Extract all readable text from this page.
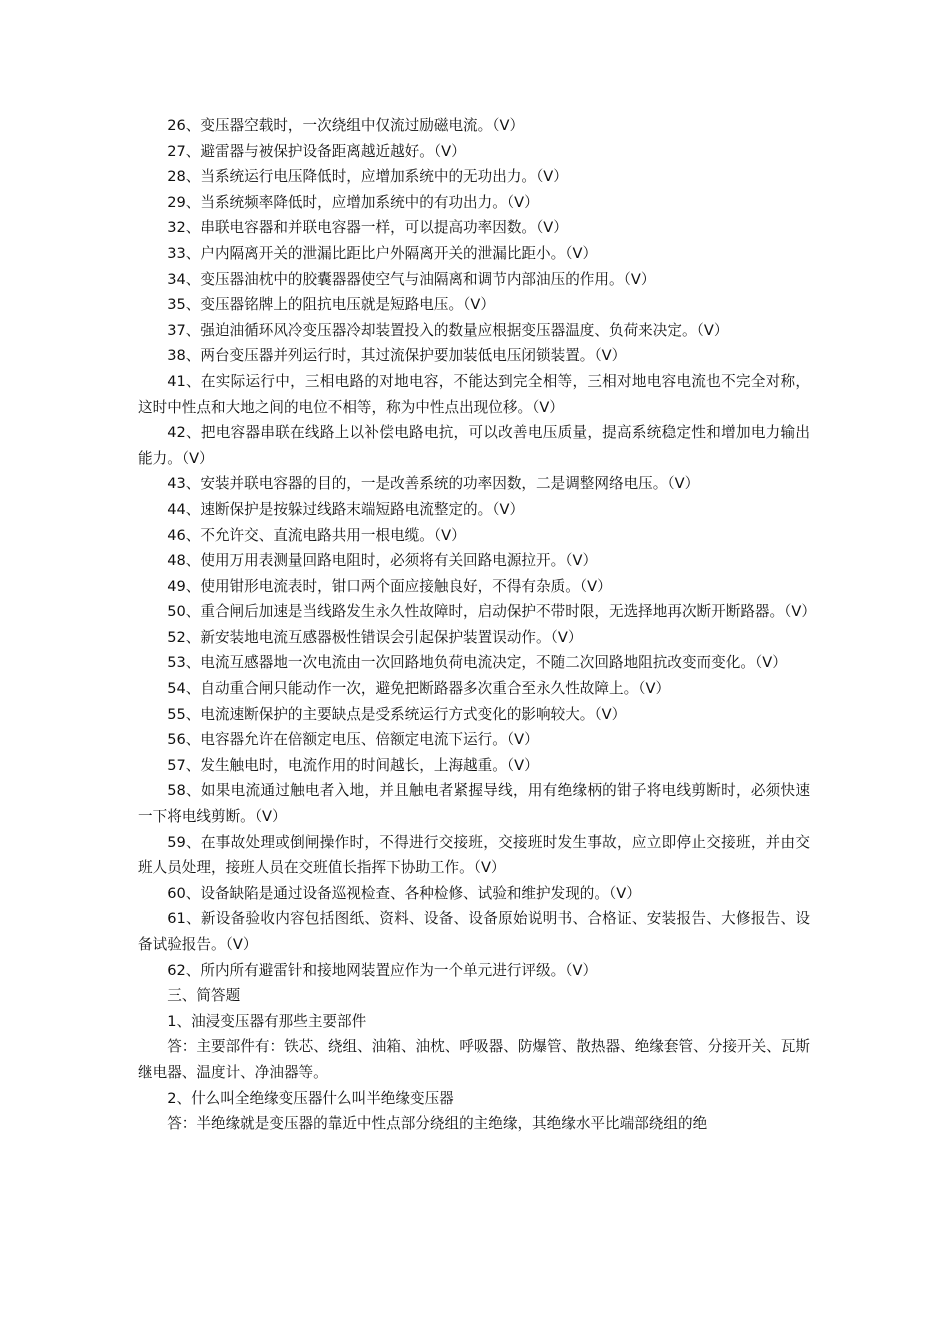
26、变压器空载时，一次绕组中仅流过励磁电流。（V）

27、避雷器与被保护设备距离越近越好。（V）

28、当系统运行电压降低时，应增加系统中的无功出力。（V）

29、当系统频率降低时，应增加系统中的有功出力。（V）

32、串联电容器和并联电容器一样，可以提高功率因数。（V）

33、户内隔离开关的泄漏比距比户外隔离开关的泄漏比距小。（V）

34、变压器油枕中的胶囊器器使空气与油隔离和调节内部油压的作用。（V）

35、变压器铭牌上的阻抗电压就是短路电压。（V）

37、强迫油循环风冷变压器冷却装置投入的数量应根据变压器温度、负荷来决定。（V）

38、两台变压器并列运行时，其过流保护要加装低电压闭锁装置。（V）

41、在实际运行中，三相电路的对地电容，不能达到完全相等，三相对地电容电流也不完全对称，这时中性点和大地之间的电位不相等，称为中性点出现位移。（V）

42、把电容器串联在线路上以补偿电路电抗，可以改善电压质量，提高系统稳定性和增加电力输出能力。（V）

43、安装并联电容器的目的，一是改善系统的功率因数，二是调整网络电压。（V）

44、速断保护是按躲过线路末端短路电流整定的。（V）

46、不允许交、直流电路共用一根电缆。（V）

48、使用万用表测量回路电阻时，必须将有关回路电源拉开。（V）

49、使用钳形电流表时，钳口两个面应接触良好，不得有杂质。（V）

50、重合闸后加速是当线路发生永久性故障时，启动保护不带时限，无选择地再次断开断路器。（V）

52、新安装地电流互感器极性错误会引起保护装置误动作。（V）

53、电流互感器地一次电流由一次回路地负荷电流决定，不随二次回路地阻抗改变而变化。（V）

54、自动重合闸只能动作一次，避免把断路器多次重合至永久性故障上。（V）

55、电流速断保护的主要缺点是受系统运行方式变化的影响较大。（V）

56、电容器允许在倍额定电压、倍额定电流下运行。（V）

57、发生触电时，电流作用的时间越长，上海越重。（V）

58、如果电流通过触电者入地，并且触电者紧握导线，用有绝缘柄的钳子将电线剪断时，必须快速一下将电线剪断。（V）

59、在事故处理或倒闸操作时，不得进行交接班，交接班时发生事故，应立即停止交接班，并由交班人员处理，接班人员在交班值长指挥下协助工作。（V）

60、设备缺陷是通过设备巡视检查、各种检修、试验和维护发现的。（V）

61、新设备验收内容包括图纸、资料、设备、设备原始说明书、合格证、安装报告、大修报告、设备试验报告。（V）

62、所内所有避雷针和接地网装置应作为一个单元进行评级。（V）

三、简答题

1、油浸变压器有那些主要部件

答：主要部件有：铁芯、绕组、油箱、油枕、呼吸器、防爆管、散热器、绝缘套管、分接开关、瓦斯继电器、温度计、净油器等。

2、什么叫全绝缘变压器什么叫半绝缘变压器

答：半绝缘就是变压器的靠近中性点部分绕组的主绝缘，其绝缘水平比端部绕组的绝
